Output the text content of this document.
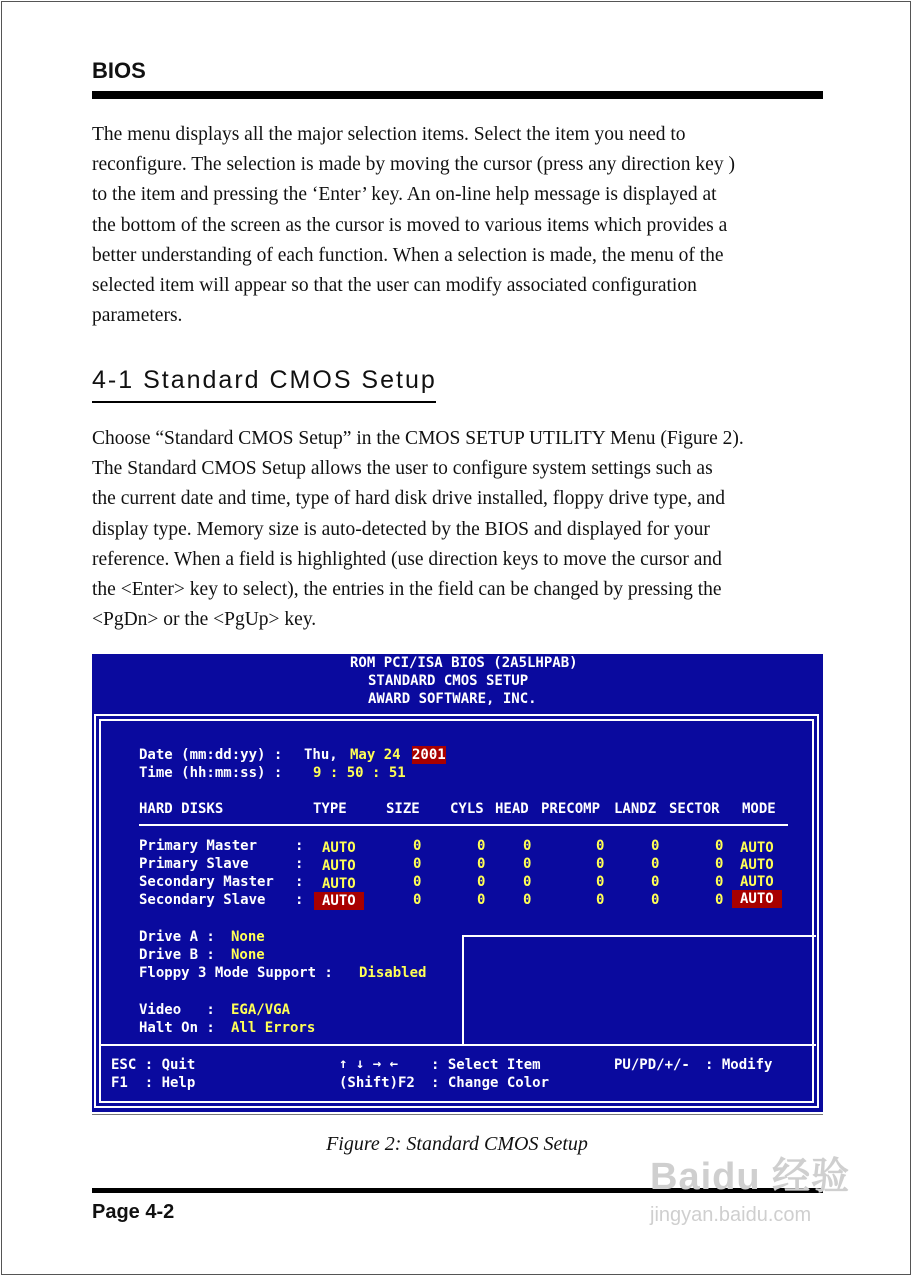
BIOS

The menu displays all the major selection items. Select the item you need to

reconfigure. The selection is made by moving the cursor (press any direction key )

to the item and pressing the ‘Enter’ key. An on-line help message is displayed at

the bottom of the screen as the cursor is moved to various items which provides a

better understanding of each function. When a selection is made, the menu of the

selected item will appear so that the user can modify associated configuration

parameters.

4-1 Standard CMOS Setup

Choose “Standard CMOS Setup” in the CMOS SETUP UTILITY Menu (Figure 2).

The Standard CMOS Setup allows the user to configure system settings such as

the current date and time, type of hard disk drive installed, floppy drive type, and

display type. Memory size is auto-detected by the BIOS and displayed for your

reference. When a field is highlighted (use direction keys to move the cursor and

the <Enter> key to select), the entries in the field can be changed by pressing the

<PgDn> or the <PgUp> key.

ROM PCI/ISA BIOS (2A5LHPAB)
STANDARD CMOS SETUP
AWARD SOFTWARE, INC.
Date (mm:dd:yy) : Thu, May 24 2001
Time (hh:mm:ss) : 9 : 50 : 51
HARD DISKS	TYPE	SIZE CYLS HEAD PRECOMP LANDZ SECTOR MODE
Primary Master	: AUTO	0	0	0	0	0	0 AUTO
Primary Slave	: AUTO	0	0	0	0	0	0 AUTO
Secondary Master : AUTO	0	0	0	0	0	0 AUTO
Secondary Slave :	AUTO	0	0	0	0	0	0	AUTO
Drive A : None
Drive B : None
Floppy 3 Mode Support : Disabled
Video   : EGA/VGA
Halt On : All Errors
ESC : Quit
F1  : Help
↑ ↓ → ← : Select Item
(Shift)F2 : Change Color
PU/PD/+/- : Modify
Figure 2: Standard CMOS Setup
Page 4-2
Baidu 经验
jingyan.baidu.com
